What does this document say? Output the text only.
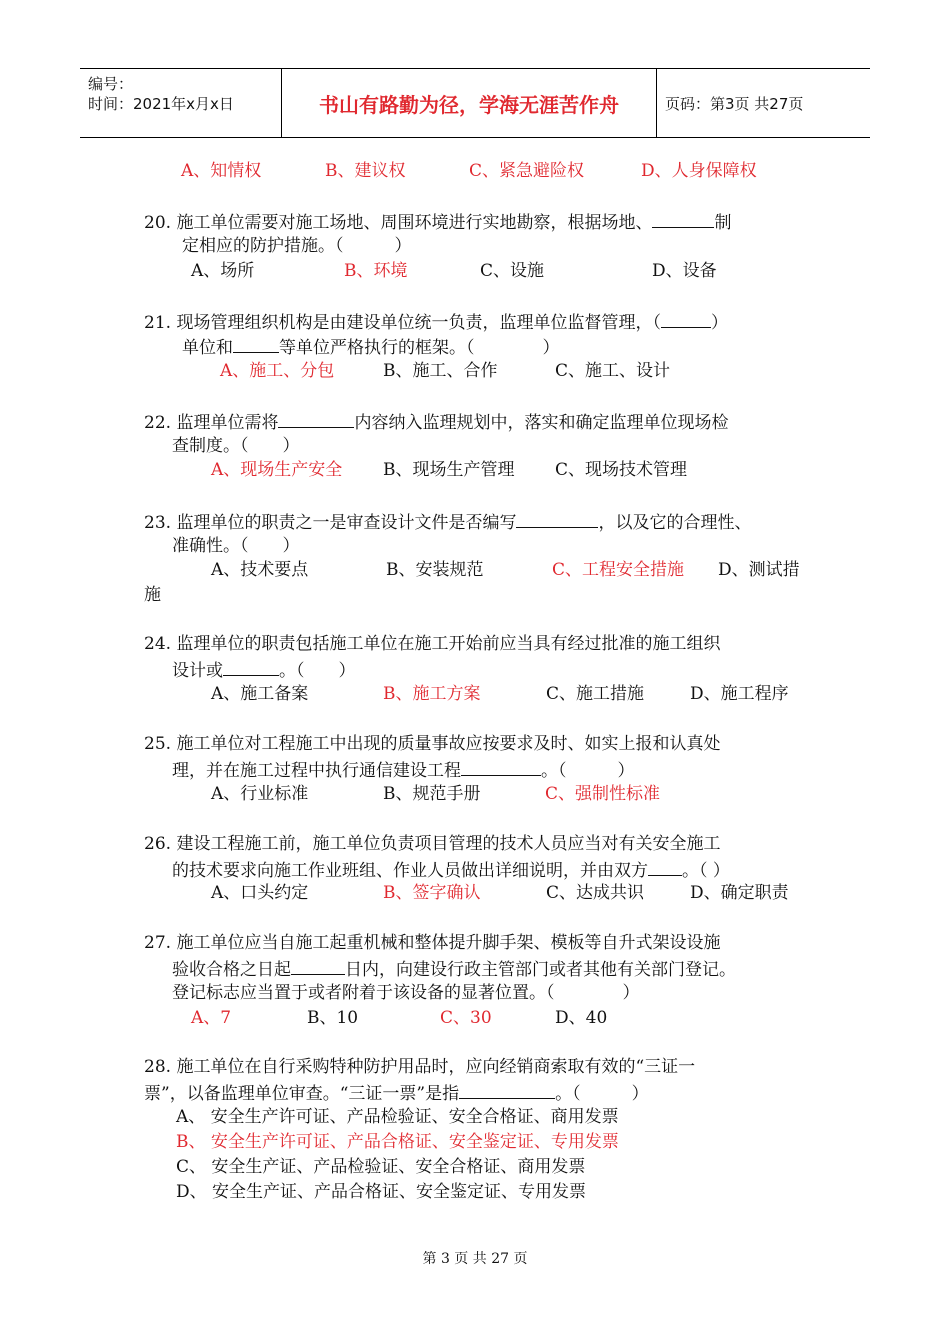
编号：
时间：2021年x月x日	书山有路勤为径，学海无涯苦作舟	页码：第3页 共27页
A、知情权	B、建议权	C、紧急避险权	D、人身保障权
20. 施工单位需要对施工场地、周围环境进行实地勘察，根据场地、	制
定相应的防护措施。（　　　）
A、场所	B、环境	C、设施	D、设备
21. 现场管理组织机构是由建设单位统一负责，监理单位监督管理，（	）
单位和	等单位严格执行的框架。（　　　　）
A、施工、分包	B、施工、合作	C、施工、设计
22. 监理单位需将	内容纳入监理规划中，落实和确定监理单位现场检
查制度。（　　）
A、现场生产安全 B、现场生产管理 C、现场技术管理
23. 监理单位的职责之一是审查设计文件是否编写	，以及它的合理性、
准确性。（　　）
A、技术要点	B、安装规范	C、工程安全措施 D、测试措
施
24. 监理单位的职责包括施工单位在施工开始前应当具有经过批准的施工组织
设计或	。（　　）
A、施工备案	B、施工方案	C、施工措施	D、施工程序
25. 施工单位对工程施工中出现的质量事故应按要求及时、如实上报和认真处
理，并在施工过程中执行通信建设工程	。（　　　）
A、行业标准	B、规范手册	C、强制性标准
26. 建设工程施工前，施工单位负责项目管理的技术人员应当对有关安全施工
的技术要求向施工作业班组、作业人员做出详细说明，并由双方 。（ ）
A、口头约定	B、签字确认	C、达成共识	D、确定职责
27. 施工单位应当自施工起重机械和整体提升脚手架、模板等自升式架设设施
验收合格之日起	日内，向建设行政主管部门或者其他有关部门登记。
登记标志应当置于或者附着于该设备的显著位置。（　　　　）
A、7	B、10	C、30	D、40
28. 施工单位在自行采购特种防护用品时，应向经销商索取有效的“三证一
票”，以备监理单位审查。“三证一票”是指	。（　　　）
A、 安全生产许可证、产品检验证、安全合格证、商用发票
B、 安全生产许可证、产品合格证、安全鉴定证、专用发票
C、 安全生产证、产品检验证、安全合格证、商用发票
D、 安全生产证、产品合格证、安全鉴定证、专用发票
第 3 页 共 27 页
